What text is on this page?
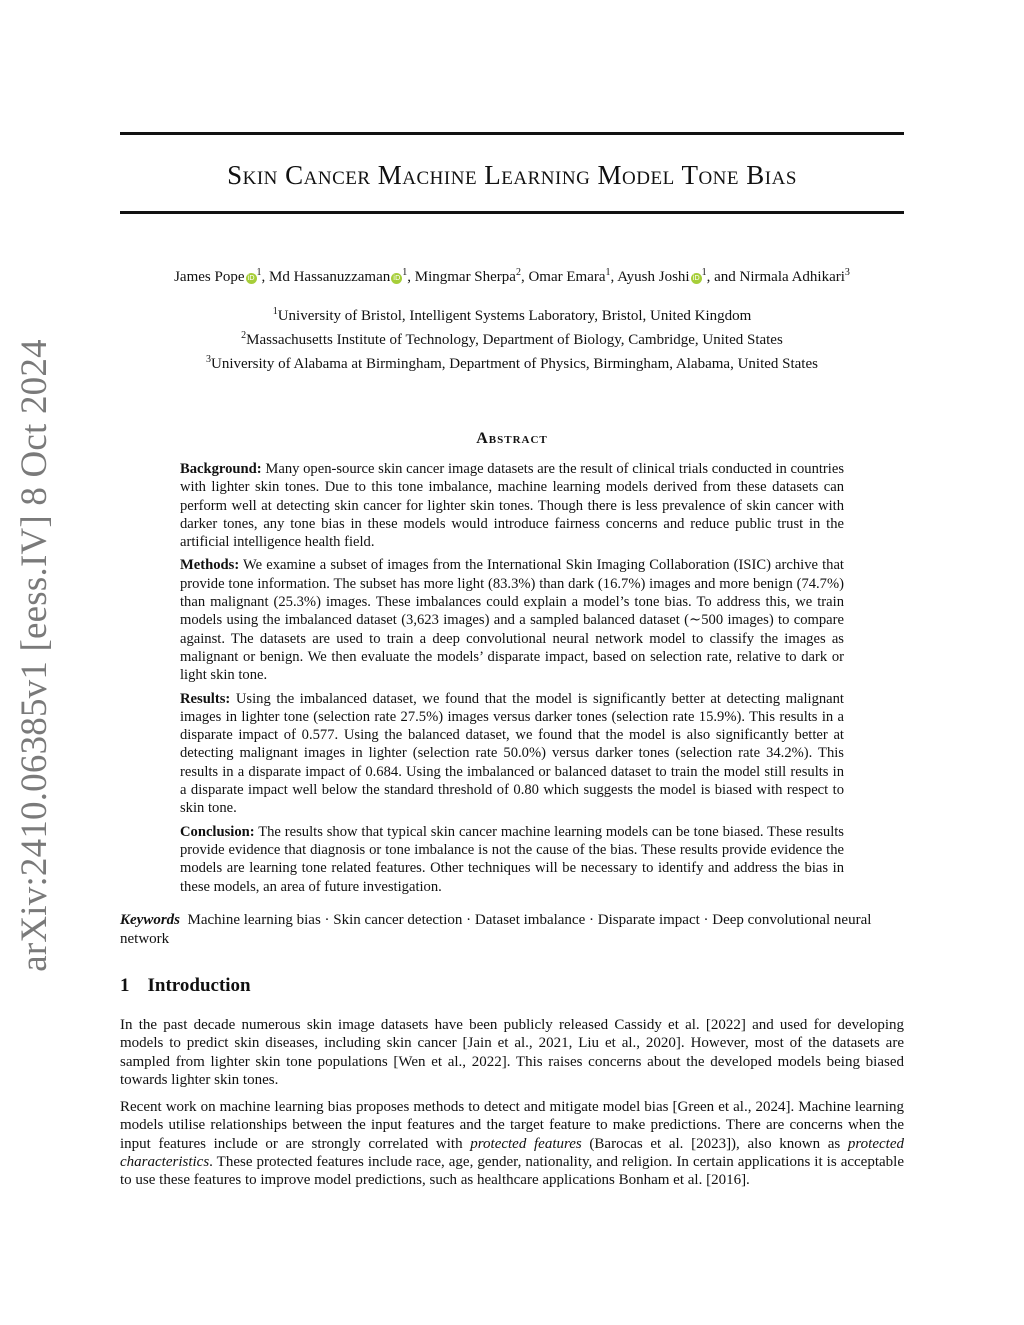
arXiv:2410.06385v1 [eess.IV] 8 Oct 2024
Skin Cancer Machine Learning Model Tone Bias
James Pope iD $^1$, Md Hassanuzzaman iD $^1$, Mingmar Sherpa$^2$, Omar Emara$^1$, Ayush Joshi iD $^1$, and Nirmala Adhikari$^3$
$^1$University of Bristol, Intelligent Systems Laboratory, Bristol, United Kingdom
$^2$Massachusetts Institute of Technology, Department of Biology, Cambridge, United States
$^3$University of Alabama at Birmingham, Department of Physics, Birmingham, Alabama, United States
Abstract

Background: Many open-source skin cancer image datasets are the result of clinical trials conducted in countries with lighter skin tones. Due to this tone imbalance, machine learning models derived from these datasets can perform well at detecting skin cancer for lighter skin tones. Though there is less prevalence of skin cancer with darker tones, any tone bias in these models would introduce fairness concerns and reduce public trust in the artificial intelligence health field.

Methods: We examine a subset of images from the International Skin Imaging Collaboration (ISIC) archive that provide tone information. The subset has more light (83.3%) than dark (16.7%) images and more benign (74.7%) than malignant (25.3%) images. These imbalances could explain a model’s tone bias. To address this, we train models using the imbalanced dataset (3,623 images) and a sampled balanced dataset (∼500 images) to compare against. The datasets are used to train a deep convolutional neural network model to classify the images as malignant or benign. We then evaluate the models’ disparate impact, based on selection rate, relative to dark or light skin tone.

Results: Using the imbalanced dataset, we found that the model is significantly better at detecting malignant images in lighter tone (selection rate 27.5%) images versus darker tones (selection rate 15.9%). This results in a disparate impact of 0.577. Using the balanced dataset, we found that the model is also significantly better at detecting malignant images in lighter (selection rate 50.0%) versus darker tones (selection rate 34.2%). This results in a disparate impact of 0.684. Using the imbalanced or balanced dataset to train the model still results in a disparate impact well below the standard threshold of 0.80 which suggests the model is biased with respect to skin tone.

Conclusion: The results show that typical skin cancer machine learning models can be tone biased. These results provide evidence that diagnosis or tone imbalance is not the cause of the bias. These results provide evidence the models are learning tone related features. Other techniques will be necessary to identify and address the bias in these models, an area of future investigation.

Keywords Machine learning bias · Skin cancer detection · Dataset imbalance · Disparate impact · Deep convolutional neural network
1 Introduction

In the past decade numerous skin image datasets have been publicly released Cassidy et al. [2022] and used for developing models to predict skin diseases, including skin cancer [Jain et al., 2021, Liu et al., 2020]. However, most of the datasets are sampled from lighter skin tone populations [Wen et al., 2022]. This raises concerns about the developed models being biased towards lighter skin tones.

Recent work on machine learning bias proposes methods to detect and mitigate model bias [Green et al., 2024]. Machine learning models utilise relationships between the input features and the target feature to make predictions. There are concerns when the input features include or are strongly correlated with protected features (Barocas et al. [2023]), also known as protected characteristics. These protected features include race, age, gender, nationality, and religion. In certain applications it is acceptable to use these features to improve model predictions, such as healthcare applications Bonham et al. [2016].
